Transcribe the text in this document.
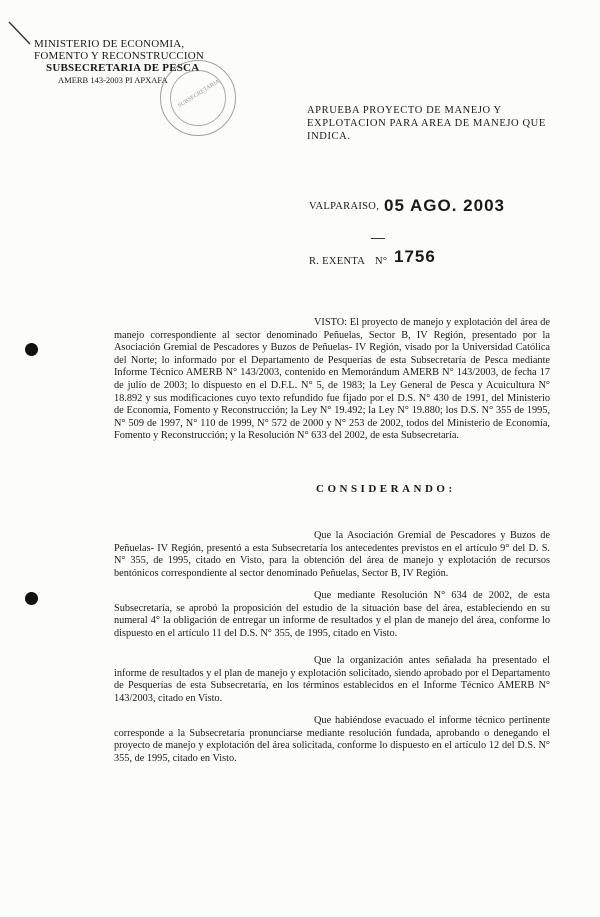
MINISTERIO DE ECONOMIA,
FOMENTO Y RECONSTRUCCION
SUBSECRETARIA DE PESCA
AMERB 143-2003 PI APXAFA SUBSECRETARIA
APRUEBA PROYECTO DE MANEJO Y
EXPLOTACION PARA AREA DE MANEJO QUE
INDICA.
VALPARAISO, 05 AGO. 2003
R. EXENTA N° 1756

VISTO: El proyecto de manejo y explotación del área de manejo correspondiente al sector denominado Peñuelas, Sector B, IV Región, presentado por la Asociación Gremial de Pescadores y Buzos de Peñuelas- IV Región, visado por la Universidad Católica del Norte; lo informado por el Departamento de Pesquerías de esta Subsecretaría de Pesca mediante Informe Técnico AMERB N° 143/2003, contenido en Memorándum AMERB N° 143/2003, de fecha 17 de julio de 2003; lo dispuesto en el D.F.L. N° 5, de 1983; la Ley General de Pesca y Acuicultura N° 18.892 y sus modificaciones cuyo texto refundido fue fijado por el D.S. N° 430 de 1991, del Ministerio de Economía, Fomento y Reconstrucción; la Ley N° 19.492; la Ley N° 19.880; los D.S. N° 355 de 1995, N° 509 de 1997, N° 110 de 1999, N° 572 de 2000 y N° 253 de 2002, todos del Ministerio de Economía, Fomento y Reconstrucción; y la Resolución N° 633 del 2002, de esta Subsecretaría.

CONSIDERANDO:

Que la Asociación Gremial de Pescadores y Buzos de Peñuelas- IV Región, presentó a esta Subsecretaría los antecedentes previstos en el artículo 9° del D. S. N° 355, de 1995, citado en Visto, para la obtención del área de manejo y explotación de recursos bentónicos correspondiente al sector denominado Peñuelas, Sector B, IV Región.

Que mediante Resolución N° 634 de 2002, de esta Subsecretaría, se aprobó la proposición del estudio de la situación base del área, estableciendo en su numeral 4° la obligación de entregar un informe de resultados y el plan de manejo del área, conforme lo dispuesto en el artículo 11 del D.S. N° 355, de 1995, citado en Visto.

Que la organización antes señalada ha presentado el informe de resultados y el plan de manejo y explotación solicitado, siendo aprobado por el Departamento de Pesquerías de esta Subsecretaría, en los términos establecidos en el Informe Técnico AMERB N° 143/2003, citado en Visto.

Que habiéndose evacuado el informe técnico pertinente corresponde a la Subsecretaría pronunciarse mediante resolución fundada, aprobando o denegando el proyecto de manejo y explotación del área solicitada, conforme lo dispuesto en el artículo 12 del D.S. N° 355, de 1995, citado en Visto.
